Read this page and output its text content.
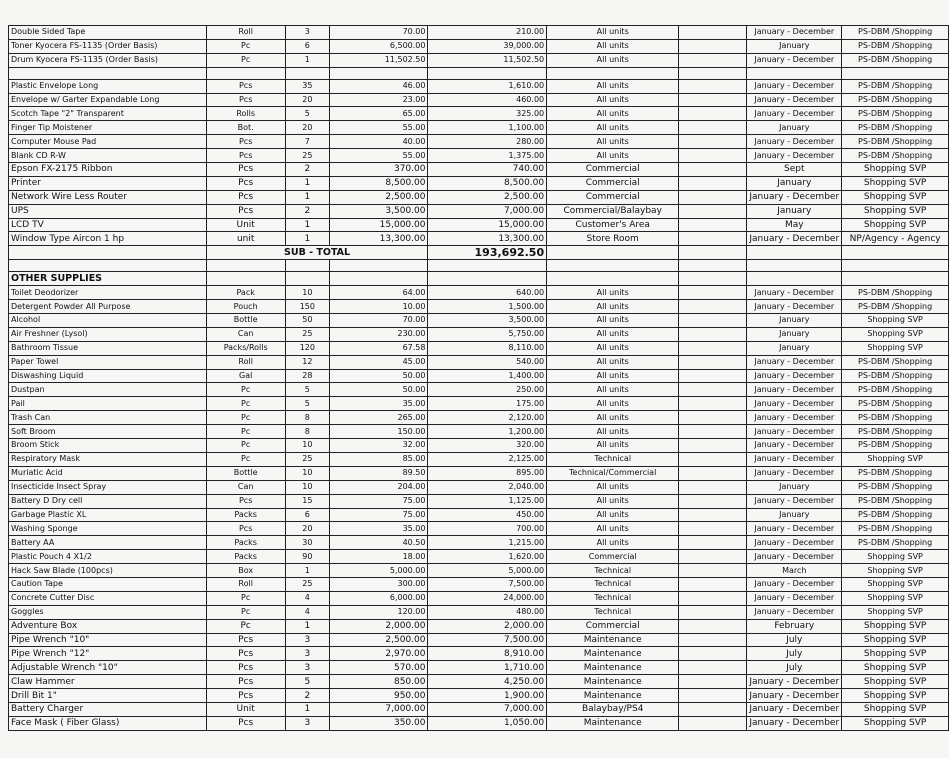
Double Sided Tape	Roll	3	70.00	210.00	All units		January - December	PS-DBM /Shopping
Toner Kyocera FS-1135 (Order Basis)	Pc	6	6,500.00	39,000.00	All units		January	PS-DBM /Shopping
Drum Kyocera FS-1135 (Order Basis)	Pc	1	11,502.50	11,502.50	All units		January - December	PS-DBM /Shopping

Plastic Envelope Long	Pcs	35	46.00	1,610.00	All units		January - December	PS-DBM /Shopping
Envelope w/ Garter Expandable Long	Pcs	20	23.00	460.00	All units		January - December	PS-DBM /Shopping
Scotch Tape "2" Transparent	Rolls	5	65.00	325.00	All units		January - December	PS-DBM /Shopping
Finger Tip Moistener	Bot.	20	55.00	1,100.00	All units		January	PS-DBM /Shopping
Computer Mouse Pad	Pcs	7	40.00	280.00	All units		January - December	PS-DBM /Shopping
Blank CD R-W	Pcs	25	55.00	1,375.00	All units		January - December	PS-DBM /Shopping
Epson FX-2175 Ribbon	Pcs	2	370.00	740.00	Commercial		Sept	Shopping SVP
Printer	Pcs	1	8,500.00	8,500.00	Commercial		January	Shopping SVP
Network Wire Less Router	Pcs	1	2,500.00	2,500.00	Commercial		January - December	Shopping SVP
UPS	Pcs	2	3,500.00	7,000.00	Commercial/Balaybay		January	Shopping SVP
LCD TV	Unit	1	15,000.00	15,000.00	Customer's Area		May	Shopping SVP
Window Type Aircon 1 hp	unit	1	13,300.00	13,300.00	Store Room		January - December	NP/Agency - Agency
	SUB - TOTAL			193,692.50				

OTHER SUPPLIES								
Toilet Deodorizer	Pack	10	64.00	640.00	All units		January - December	PS-DBM /Shopping
Detergent Powder All Purpose	Pouch	150	10.00	1,500.00	All units		January - December	PS-DBM /Shopping
Alcohol	Bottle	50	70.00	3,500.00	All units		January	Shopping SVP
Air Freshner (Lysol)	Can	25	230.00	5,750.00	All units		January	Shopping SVP
Bathroom Tissue	Packs/Rolls	120	67.58	8,110.00	All units		January	Shopping SVP
Paper Towel	Roll	12	45.00	540.00	All units		January - December	PS-DBM /Shopping
Diswashing Liquid	Gal	28	50.00	1,400.00	All units		January - December	PS-DBM /Shopping
Dustpan	Pc	5	50.00	250.00	All units		January - December	PS-DBM /Shopping
Pail	Pc	5	35.00	175.00	All units		January - December	PS-DBM /Shopping
Trash Can	Pc	8	265.00	2,120.00	All units		January - December	PS-DBM /Shopping
Soft Broom	Pc	8	150.00	1,200.00	All units		January - December	PS-DBM /Shopping
Broom Stick	Pc	10	32.00	320.00	All units		January - December	PS-DBM /Shopping
Respiratory Mask	Pc	25	85.00	2,125.00	Technical		January - December	Shopping SVP
Muriatic Acid	Bottle	10	89.50	895.00	Technical/Commercial		January - December	PS-DBM /Shopping
Insecticide Insect Spray	Can	10	204.00	2,040.00	All units		January	PS-DBM /Shopping
Battery D Dry cell	Pcs	15	75.00	1,125.00	All units		January - December	PS-DBM /Shopping
Garbage Plastic XL	Packs	6	75.00	450.00	All units		January	PS-DBM /Shopping
Washing Sponge	Pcs	20	35.00	700.00	All units		January - December	PS-DBM /Shopping
Battery AA	Packs	30	40.50	1,215.00	All units		January - December	PS-DBM /Shopping
Plastic Pouch 4 X1/2	Packs	90	18.00	1,620.00	Commercial		January - December	Shopping SVP
Hack Saw Blade (100pcs)	Box	1	5,000.00	5,000.00	Technical		March	Shopping SVP
Caution Tape	Roll	25	300.00	7,500.00	Technical		January - December	Shopping SVP
Concrete Cutter Disc	Pc	4	6,000.00	24,000.00	Technical		January - December	Shopping SVP
Goggles	Pc	4	120.00	480.00	Technical		January - December	Shopping SVP
Adventure Box	Pc	1	2,000.00	2,000.00	Commercial		February	Shopping SVP
Pipe Wrench "10"	Pcs	3	2,500.00	7,500.00	Maintenance		July	Shopping SVP
Pipe Wrench "12"	Pcs	3	2,970.00	8,910.00	Maintenance		July	Shopping SVP
Adjustable Wrench "10"	Pcs	3	570.00	1,710.00	Maintenance		July	Shopping SVP
Claw Hammer	Pcs	5	850.00	4,250.00	Maintenance		January - December	Shopping SVP
Drill Bit 1"	Pcs	2	950.00	1,900.00	Maintenance		January - December	Shopping SVP
Battery Charger	Unit	1	7,000.00	7,000.00	Balaybay/PS4		January - December	Shopping SVP
Face Mask ( Fiber Glass)	Pcs	3	350.00	1,050.00	Maintenance		January - December	Shopping SVP
